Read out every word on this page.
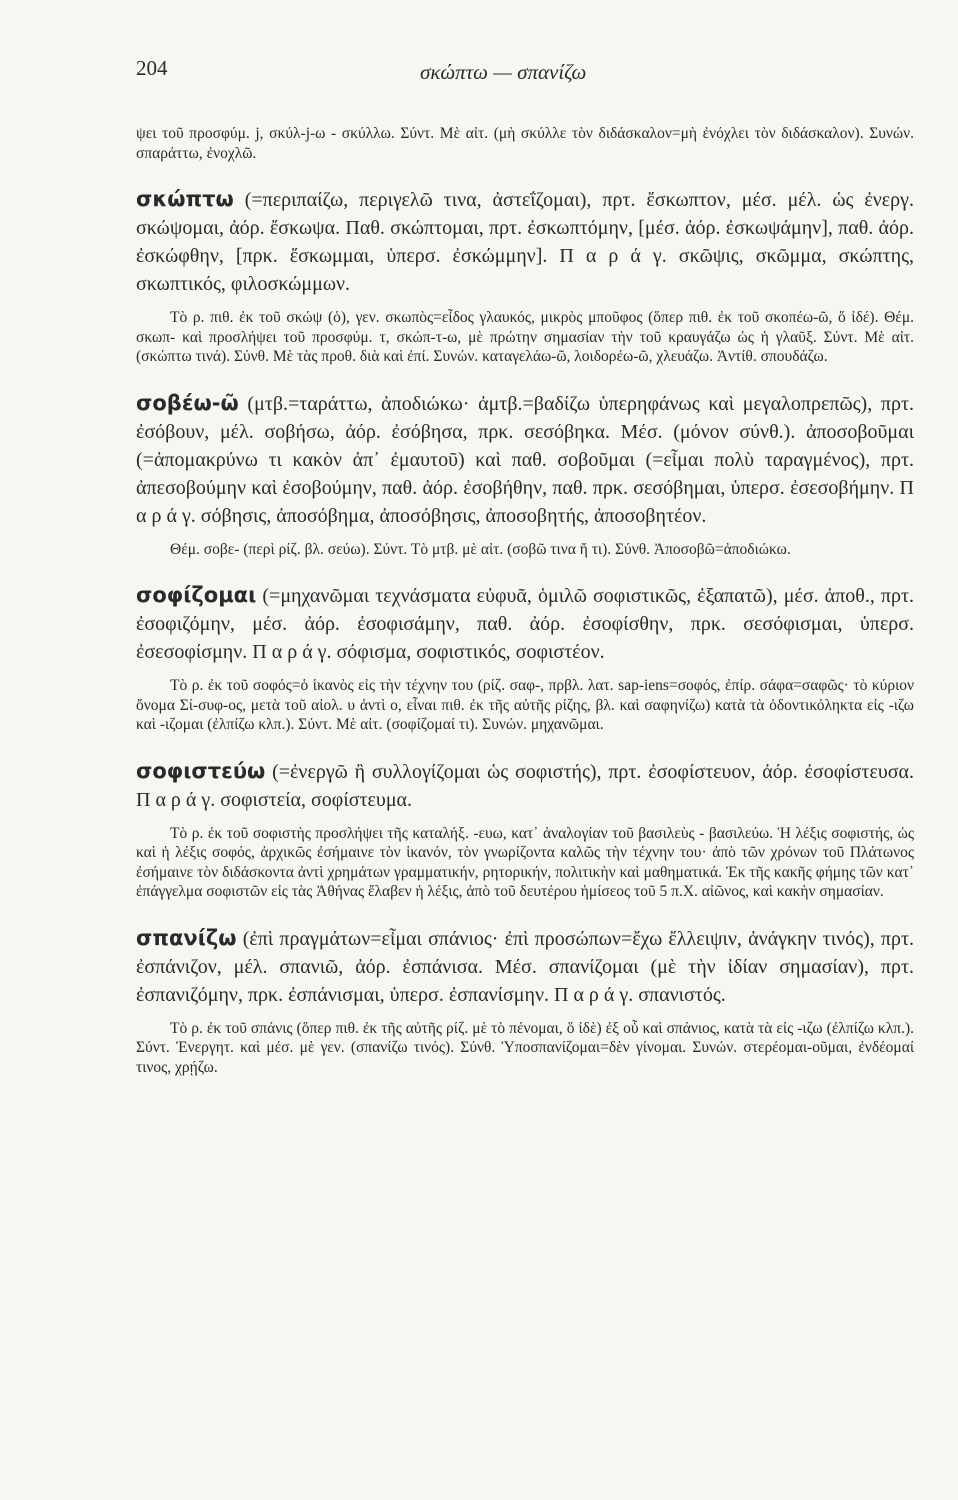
204	σκώπτω — σπανίζω

ψει τοῦ προσφύμ. j, σκύλ-j-ω - σκύλλω. Σύντ. Μὲ αἰτ. (μὴ σκύλλε τὸν διδάσκαλον=μὴ ἐνόχλει τὸν διδάσκαλον). Συνών. σπαράττω, ἐνοχλῶ.

σκώπτω (=περιπαίζω, περιγελῶ τινα, ἀστεΐζομαι), πρτ. ἔσκωπτον, μέσ. μέλ. ὡς ἐνεργ. σκώψομαι, ἀόρ. ἔσκωψα. Παθ. σκώπτομαι, πρτ. ἐσκωπτόμην, [μέσ. ἀόρ. ἐσκωψάμην], παθ. ἀόρ. ἐσκώφθην, [πρκ. ἔσκωμμαι, ὑπερσ. ἐσκώμμην]. Π α ρ ά γ. σκῶψις, σκῶμμα, σκώπτης, σκωπτικός, φιλοσκώμμων.

Τὸ ρ. πιθ. ἐκ τοῦ σκώψ (ὁ), γεν. σκωπὸς=εἶδος γλαυκός, μικρὸς μποῦφος (ὅπερ πιθ. ἐκ τοῦ σκοπέω-ῶ, ὅ ἰδέ). Θέμ. σκωπ- καὶ προσλήψει τοῦ προσφύμ. τ, σκώπ-τ-ω, μὲ πρώτην σημασίαν τὴν τοῦ κραυγάζω ὡς ἡ γλαῦξ. Σύντ. Μὲ αἰτ. (σκώπτω τινά). Σύνθ. Μὲ τὰς προθ. διὰ καὶ ἐπί. Συνών. καταγελάω-ῶ, λοιδορέω-ῶ, χλευάζω. Ἀντίθ. σπουδάζω.

σοβέω-ῶ (μτβ.=ταράττω, ἀποδιώκω· ἀμτβ.=βαδίζω ὑπερηφάνως καὶ μεγαλοπρεπῶς), πρτ. ἐσόβουν, μέλ. σοβήσω, ἀόρ. ἐσόβησα, πρκ. σεσόβηκα. Μέσ. (μόνον σύνθ.). ἀποσοβοῦμαι (=ἀπομακρύνω τι κακὸν ἀπ᾽ ἐμαυτοῦ) καὶ παθ. σοβοῦμαι (=εἶμαι πολὺ ταραγμένος), πρτ. ἀπεσοβούμην καὶ ἐσοβούμην, παθ. ἀόρ. ἐσοβήθην, παθ. πρκ. σεσόβημαι, ὑπερσ. ἐσεσοβήμην. Π α ρ ά γ. σόβησις, ἀποσόβημα, ἀποσόβησις, ἀποσοβητής, ἀποσοβητέον.

Θέμ. σοβε- (περὶ ρίζ. βλ. σεύω). Σύντ. Τὸ μτβ. μὲ αἰτ. (σοβῶ τινα ἤ τι). Σύνθ. Ἀποσοβῶ=ἀποδιώκω.

σοφίζομαι (=μηχανῶμαι τεχνάσματα εὐφυᾶ, ὁμιλῶ σοφιστικῶς, ἐξαπατῶ), μέσ. ἀποθ., πρτ. ἐσοφιζόμην, μέσ. ἀόρ. ἐσοφισάμην, παθ. ἀόρ. ἐσοφίσθην, πρκ. σεσόφισμαι, ὑπερσ. ἐσεσοφίσμην. Π α ρ ά γ. σόφισμα, σοφιστικός, σοφιστέον.

Τὸ ρ. ἐκ τοῦ σοφός=ὁ ἱκανὸς εἰς τὴν τέχνην του (ρίζ. σαφ-, πρβλ. λατ. sap-iens=σοφός, ἐπίρ. σάφα=σαφῶς· τὸ κύριον ὄνομα Σί-συφ-ος, μετὰ τοῦ αἰολ. υ ἀντὶ ο, εἶναι πιθ. ἐκ τῆς αὐτῆς ρίζης, βλ. καὶ σαφηνίζω) κατὰ τὰ ὀδοντικόληκτα εἰς -ιζω καὶ -ιζομαι (ἐλπίζω κλπ.). Σύντ. Μὲ αἰτ. (σοφίζομαί τι). Συνών. μηχανῶμαι.

σοφιστεύω (=ἐνεργῶ ἢ συλλογίζομαι ὡς σοφιστής), πρτ. ἐσοφίστευον, ἀόρ. ἐσοφίστευσα. Π α ρ ά γ. σοφιστεία, σοφίστευμα.

Τὸ ρ. ἐκ τοῦ σοφιστὴς προσλήψει τῆς καταλήξ. -ευω, κατ᾽ ἀναλογίαν τοῦ βασιλεὺς - βασιλεύω. Ἡ λέξις σοφιστής, ὡς καὶ ἡ λέξις σοφός, ἀρχικῶς ἐσήμαινε τὸν ἱκανόν, τὸν γνωρίζοντα καλῶς τὴν τέχνην του· ἀπὸ τῶν χρόνων τοῦ Πλάτωνος ἐσήμαινε τὸν διδάσκοντα ἀντὶ χρημάτων γραμματικήν, ρητορικήν, πολιτικὴν καὶ μαθηματικά. Ἐκ τῆς κακῆς φήμης τῶν κατ᾽ ἐπάγγελμα σοφιστῶν εἰς τὰς Ἀθήνας ἔλαβεν ἡ λέξις, ἀπὸ τοῦ δευτέρου ἡμίσεος τοῦ 5 π.Χ. αἰῶνος, καὶ κακὴν σημασίαν.

σπανίζω (ἐπὶ πραγμάτων=εἶμαι σπάνιος· ἐπὶ προσώπων=ἔχω ἔλλειψιν, ἀνάγκην τινός), πρτ. ἐσπάνιζον, μέλ. σπανιῶ, ἀόρ. ἐσπάνισα. Μέσ. σπανίζομαι (μὲ τὴν ἰδίαν σημασίαν), πρτ. ἐσπανιζόμην, πρκ. ἐσπάνισμαι, ὑπερσ. ἐσπανίσμην. Π α ρ ά γ. σπανιστός.

Τὸ ρ. ἐκ τοῦ σπάνις (ὅπερ πιθ. ἐκ τῆς αὐτῆς ρίζ. μὲ τὸ πένομαι, ὅ ἰδὲ) ἐξ οὗ καὶ σπάνιος, κατὰ τὰ εἰς -ιζω (ἐλπίζω κλπ.). Σύντ. Ἐνεργητ. καὶ μέσ. μὲ γεν. (σπανίζω τινός). Σύνθ. Ὑποσπανίζομαι=δὲν γίνομαι. Συνών. στερέομαι-οῦμαι, ἐνδέομαί τινος, χρῄζω.
